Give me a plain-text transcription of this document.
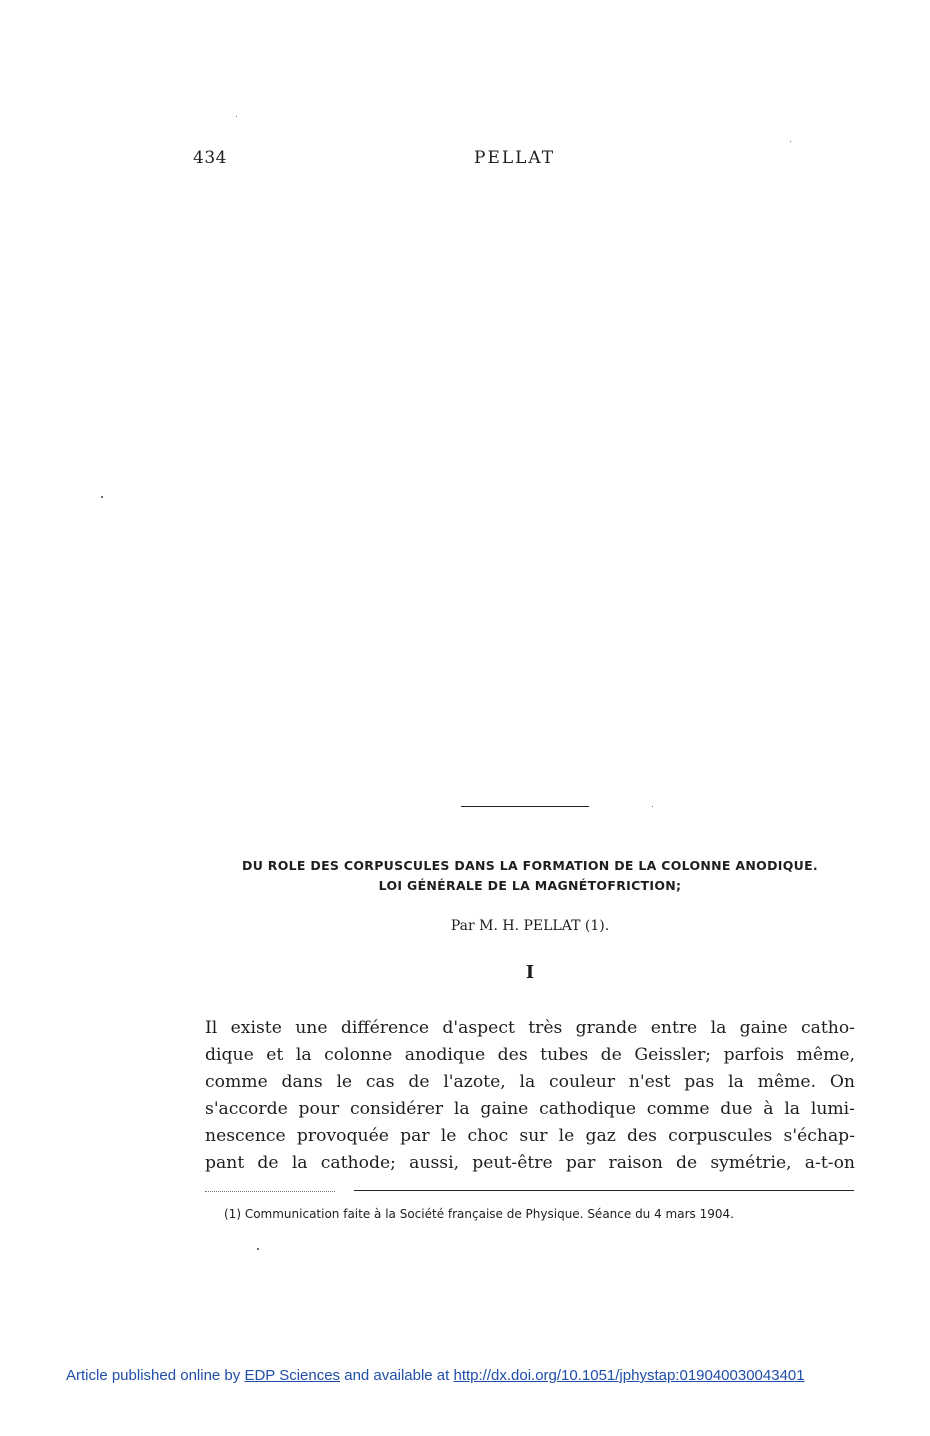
434	PELLAT
DU ROLE DES CORPUSCULES DANS LA FORMATION DE LA COLONNE ANODIQUE.
LOI GÉNÉRALE DE LA MAGNÉTOFRICTION;
Par M. H. PELLAT (1).
I

Il existe une différence d'aspect très grande entre la gaine catho-
dique et la colonne anodique des tubes de Geissler; parfois même,
comme dans le cas de l'azote, la couleur n'est pas la même. On
s'accorde pour considérer la gaine cathodique comme due à la lumi-
nescence provoquée par le choc sur le gaz des corpuscules s'échap-
pant de la cathode; aussi, peut-être par raison de symétrie, a-t-on

(1) Communication faite à la Société française de Physique. Séance du 4 mars 1904.
Article published online by EDP Sciences and available at http://dx.doi.org/10.1051/jphystap:019040030043401
